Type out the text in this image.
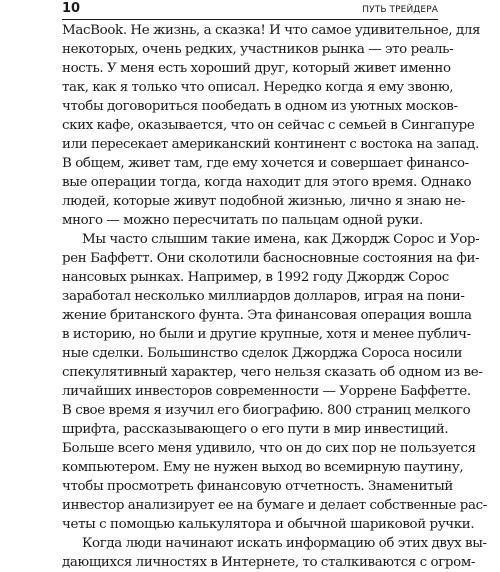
10	ПУТЬ ТРЕЙДЕРА
MacBook. Не жизнь, а сказка! И что самое удивительное, для
некоторых, очень редких, участников рынка — это реаль-
ность. У меня есть хороший друг, который живет именно
так, как я только что описал. Нередко когда я ему звоню,
чтобы договориться пообедать в одном из уютных москов-
ских кафе, оказывается, что он сейчас с семьей в Сингапуре
или пересекает американский континент с востока на запад.
В общем, живет там, где ему хочется и совершает финансо-
вые операции тогда, когда находит для этого время. Однако
людей, которые живут подобной жизнью, лично я знаю не-
много — можно пересчитать по пальцам одной руки.
Мы часто слышим такие имена, как Джордж Сорос и Уор-
рен Баффетт. Они сколотили басносновные состояния на фи-
нансовых рынках. Например, в 1992 году Джордж Сорос
заработал несколько миллиардов долларов, играя на пони-
жение британского фунта. Эта финансовая операция вошла
в историю, но были и другие крупные, хотя и менее публич-
ные сделки. Большинство сделок Джорджа Сороса носили
спекулятивный характер, чего нельзя сказать об одном из ве-
личайших инвесторов современности — Уоррене Баффетте.
В свое время я изучил его биографию. 800 страниц мелкого
шрифта, рассказывающего о его пути в мир инвестиций.
Больше всего меня удивило, что он до сих пор не пользуется
компьютером. Ему не нужен выход во всемирную паутину,
чтобы просмотреть финансовую отчетность. Знаменитый
инвестор анализирует ее на бумаге и делает собственные рас-
четы с помощью калькулятора и обычной шариковой ручки.
Когда люди начинают искать информацию об этих двух вы-
дающихся личностях в Интернете, то сталкиваются с огром-
